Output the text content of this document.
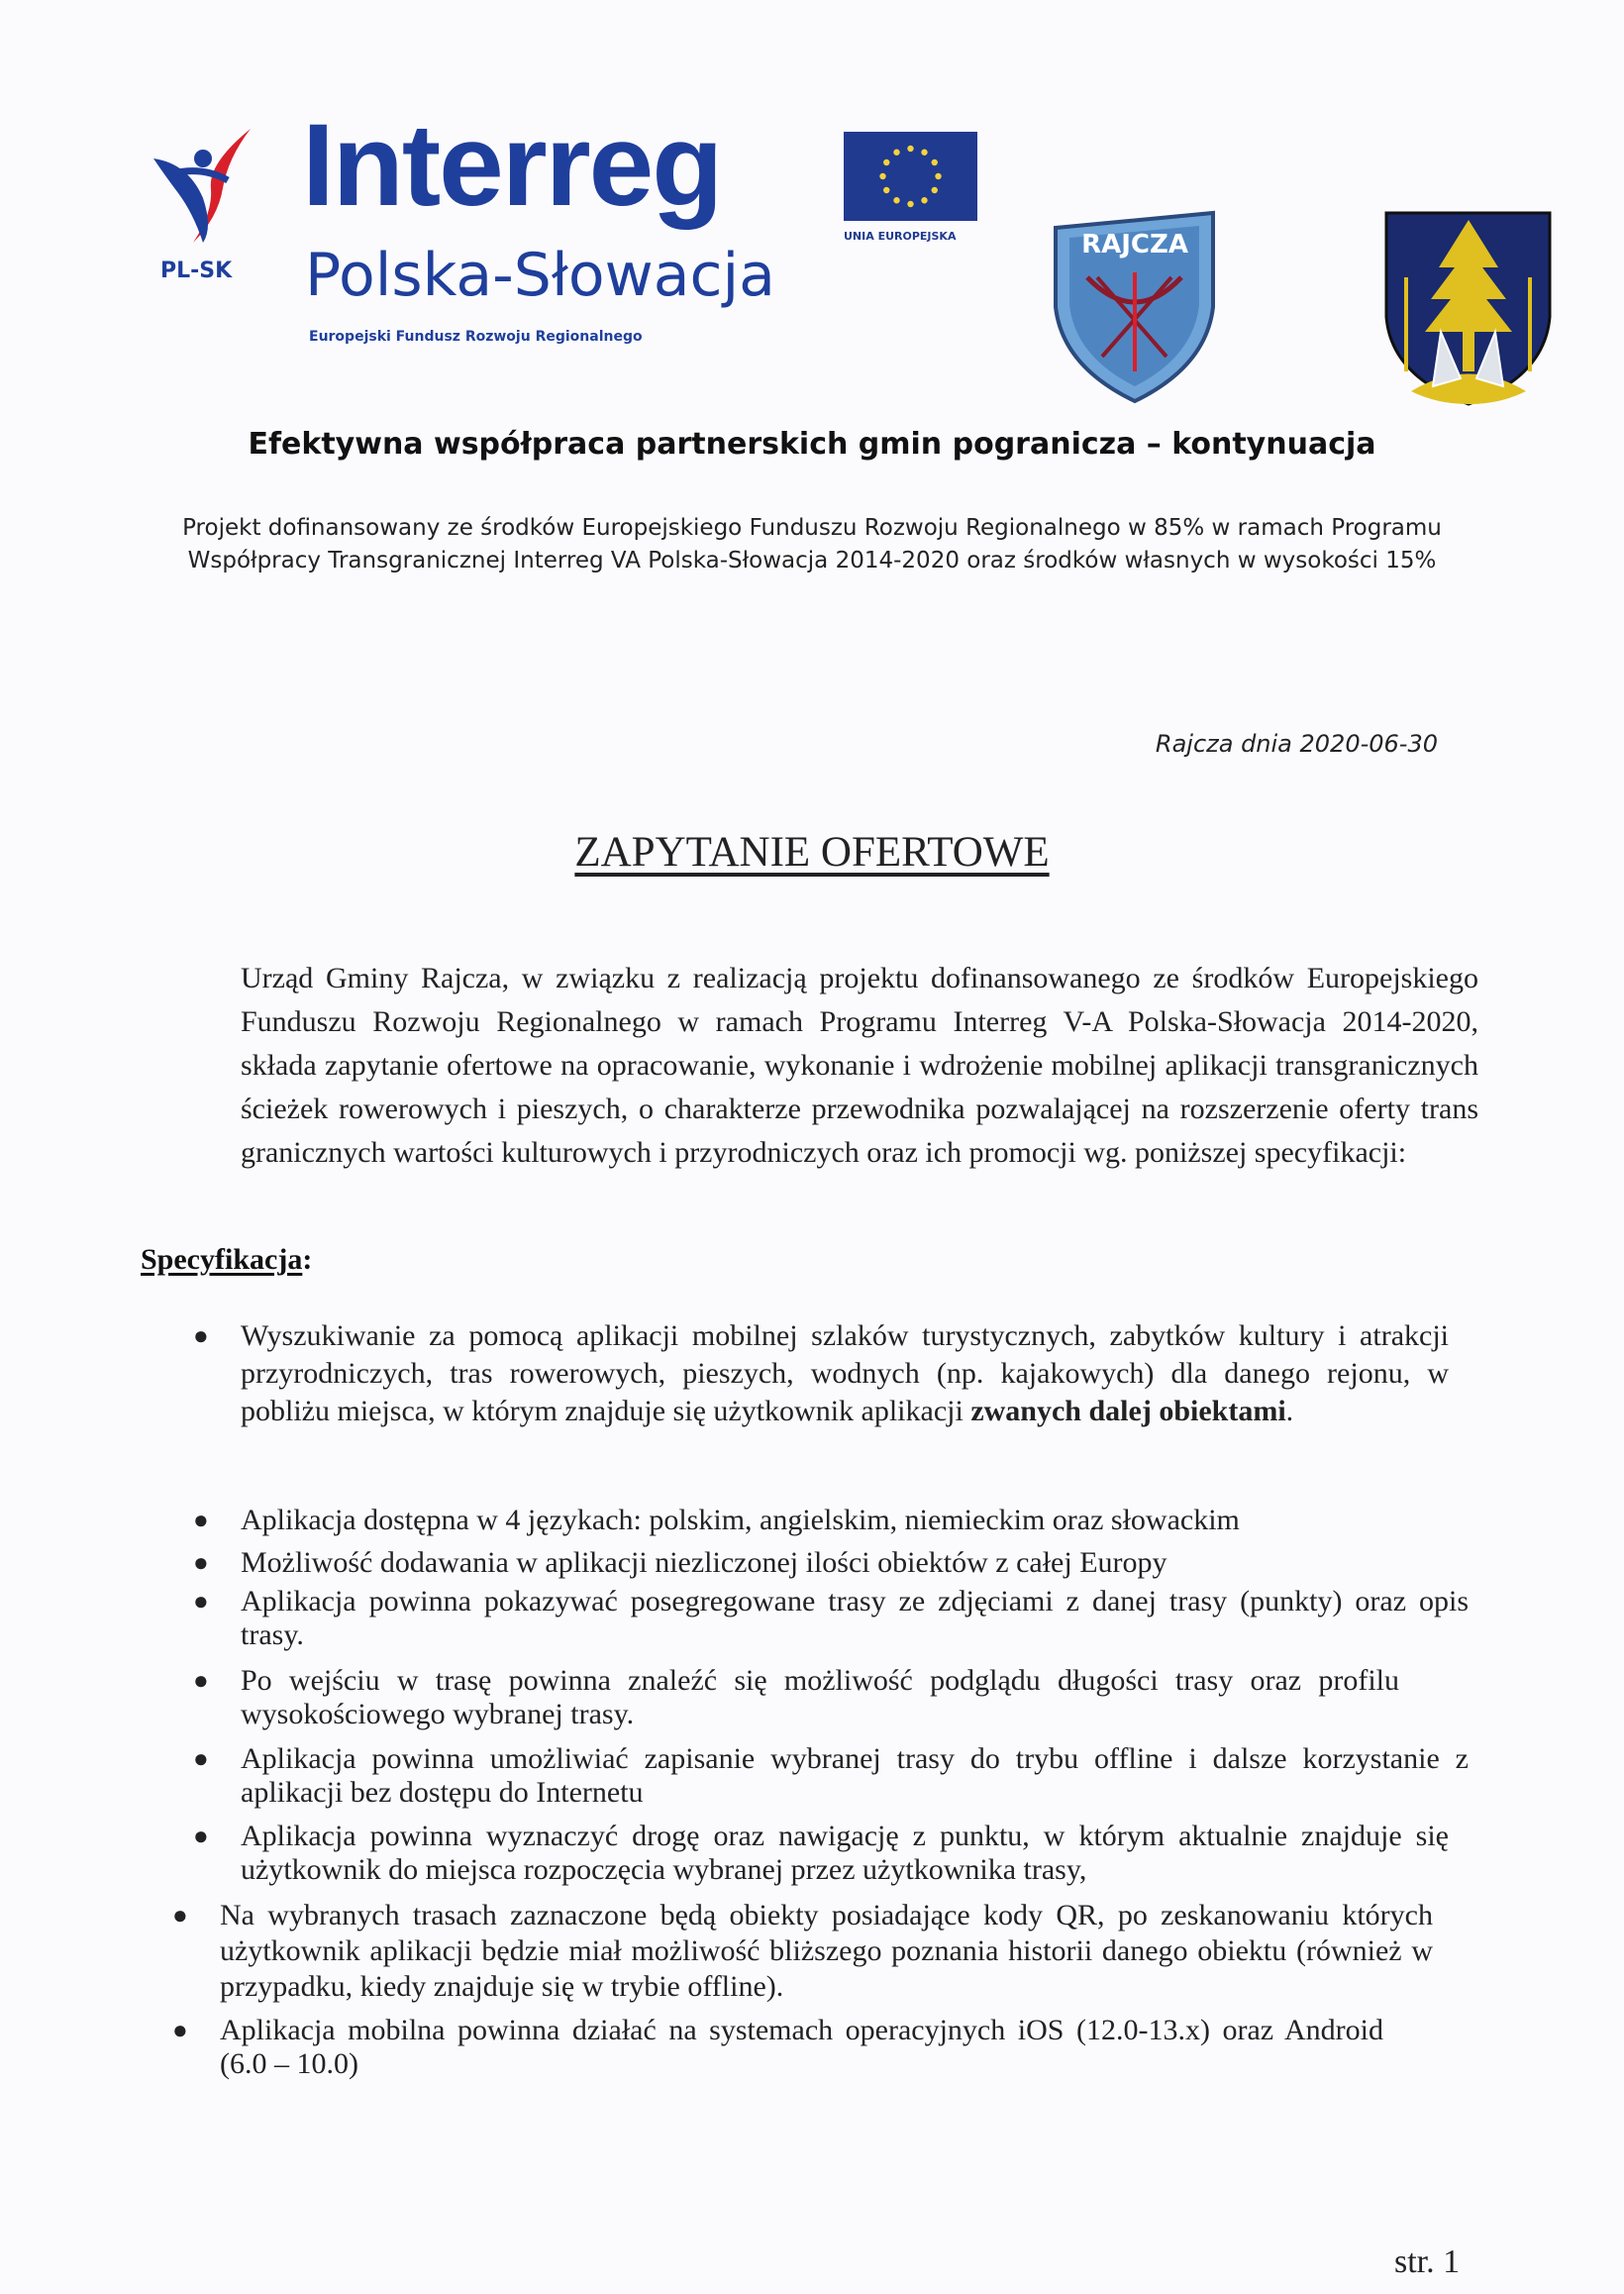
PL-SK
Interreg
Polska-Słowacja
Europejski Fundusz Rozwoju Regionalnego
UNIA EUROPEJSKA	RAJCZA
Efektywna współpraca partnerskich gmin pogranicza – kontynuacja
Projekt dofinansowany ze środków Europejskiego Funduszu Rozwoju Regionalnego w 85% w ramach Programu Współpracy Transgranicznej Interreg VA Polska-Słowacja 2014-2020 oraz środków własnych w wysokości 15%
Rajcza dnia 2020-06-30
ZAPYTANIE OFERTOWE
Urząd Gminy Rajcza, w związku z realizacją projektu dofinansowanego ze środków Europejskiego Funduszu Rozwoju Regionalnego w ramach Programu Interreg V-A Polska-Słowacja 2014-2020, składa zapytanie ofertowe na opracowanie, wykonanie i wdrożenie mobilnej aplikacji transgranicznych ścieżek rowerowych i pieszych, o charakterze przewodnika pozwalającej na rozszerzenie oferty trans granicznych wartości kulturowych i przyrodniczych oraz ich promocji wg. poniższej specyfikacji:
Specyfikacja:
● Wyszukiwanie za pomocą aplikacji mobilnej szlaków turystycznych, zabytków kultury i atrakcji przyrodniczych, tras rowerowych, pieszych, wodnych (np. kajakowych) dla danego rejonu, w pobliżu miejsca, w którym znajduje się użytkownik aplikacji zwanych dalej obiektami.
● Aplikacja dostępna w 4 językach: polskim, angielskim, niemieckim oraz słowackim
● Możliwość dodawania w aplikacji niezliczonej ilości obiektów z całej Europy
● Aplikacja powinna pokazywać posegregowane trasy ze zdjęciami z danej trasy (punkty) oraz opis trasy.
● Po wejściu w trasę powinna znaleźć się możliwość podglądu długości trasy oraz profilu wysokościowego wybranej trasy.
● Aplikacja powinna umożliwiać zapisanie wybranej trasy do trybu offline i dalsze korzystanie z aplikacji bez dostępu do Internetu
● Aplikacja powinna wyznaczyć drogę oraz nawigację z punktu, w którym aktualnie znajduje się użytkownik do miejsca rozpoczęcia wybranej przez użytkownika trasy,
● Na wybranych trasach zaznaczone będą obiekty posiadające kody QR, po zeskanowaniu których użytkownik aplikacji będzie miał możliwość bliższego poznania historii danego obiektu (również w przypadku, kiedy znajduje się w trybie offline).
● Aplikacja mobilna powinna działać na systemach operacyjnych iOS (12.0-13.x) oraz Android (6.0 – 10.0)
str. 1
